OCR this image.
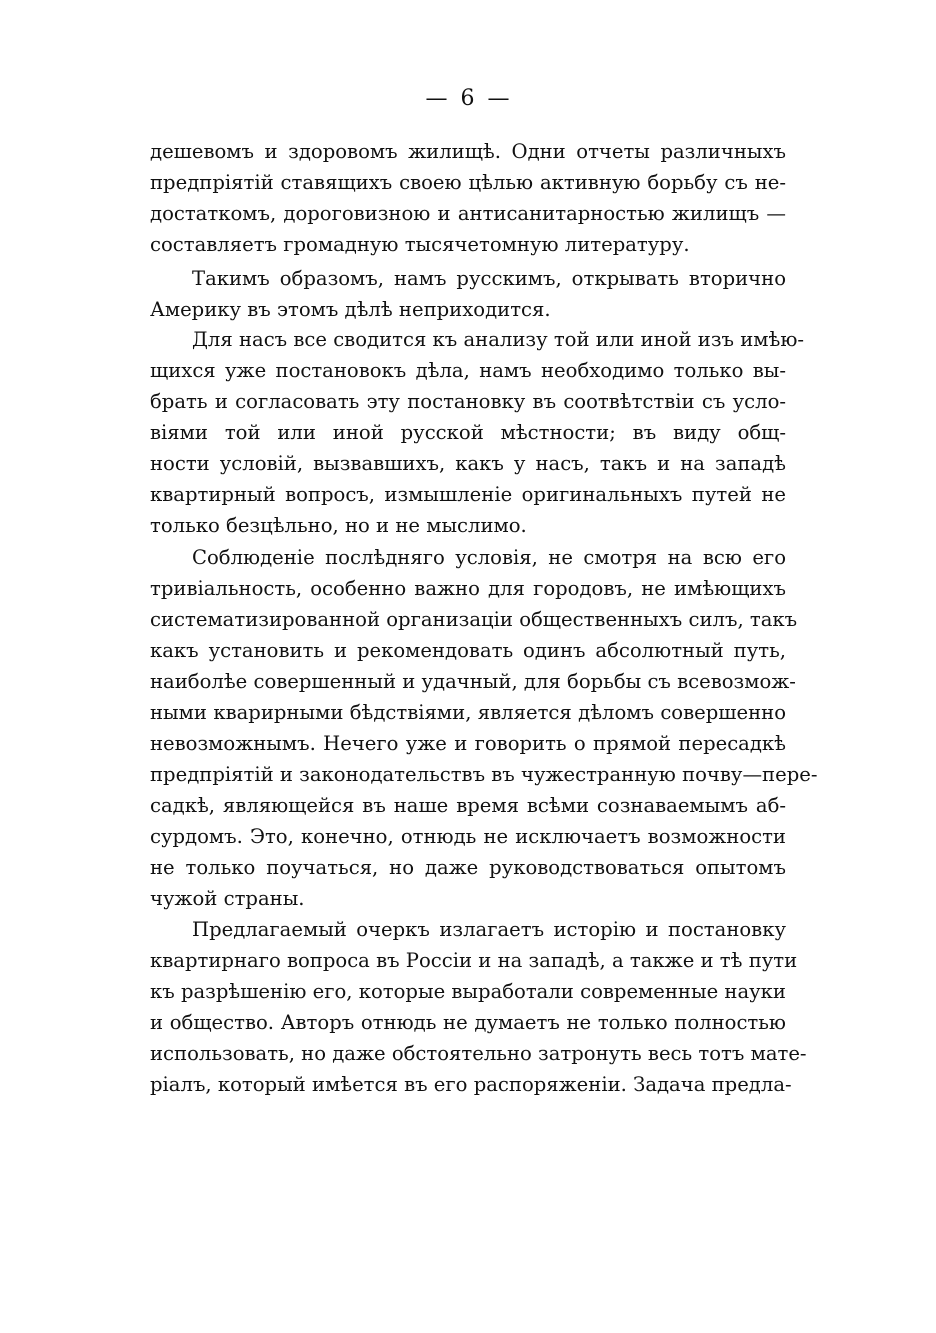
— 6 —
дешевомъ и здоровомъ жилищѣ. Одни отчеты различныхъ
предпріятій ставящихъ своею цѣлью активную борьбу съ не-
достаткомъ, дороговизною и антисанитарностью жилищъ —
составляетъ громадную тысячетомную литературу.
Такимъ образомъ, намъ русскимъ, открывать вторично
Америку въ этомъ дѣлѣ неприходится.
Для насъ все сводится къ анализу той или иной изъ имѣю-
щихся уже постановокъ дѣла, намъ необходимо только вы-
брать и согласовать эту постановку въ соотвѣтствіи съ усло-
віями той или иной русской мѣстности; въ виду общ-
ности условій, вызвавшихъ, какъ у насъ, такъ и на западѣ
квартирный вопросъ, измышленіе оригинальныхъ путей не
только безцѣльно, но и не мыслимо.
Соблюденіе послѣдняго условія, не смотря на всю его
тривіальность, особенно важно для городовъ, не имѣющихъ
систематизированной организаціи общественныхъ силъ, такъ
какъ установить и рекомендовать одинъ абсолютный путь,
наиболѣе совершенный и удачный, для борьбы съ всевозмож-
ными кварирными бѣдствіями, является дѣломъ совершенно
невозможнымъ. Нечего уже и говорить о прямой пересадкѣ
предпріятій и законодательствъ въ чужестранную почву—пере-
садкѣ, являющейся въ наше время всѣми сознаваемымъ аб-
сурдомъ. Это, конечно, отнюдь не исключаетъ возможности
не только поучаться, но даже руководствоваться опытомъ
чужой страны.
Предлагаемый очеркъ излагаетъ исторію и постановку
квартирнаго вопроса въ Россіи и на западѣ, а также и тѣ пути
къ разрѣшенію его, которые выработали современные науки
и общество. Авторъ отнюдь не думаетъ не только полностью
использовать, но даже обстоятельно затронуть весь тотъ мате-
ріалъ, который имѣется въ его распоряженіи. Задача предла-
